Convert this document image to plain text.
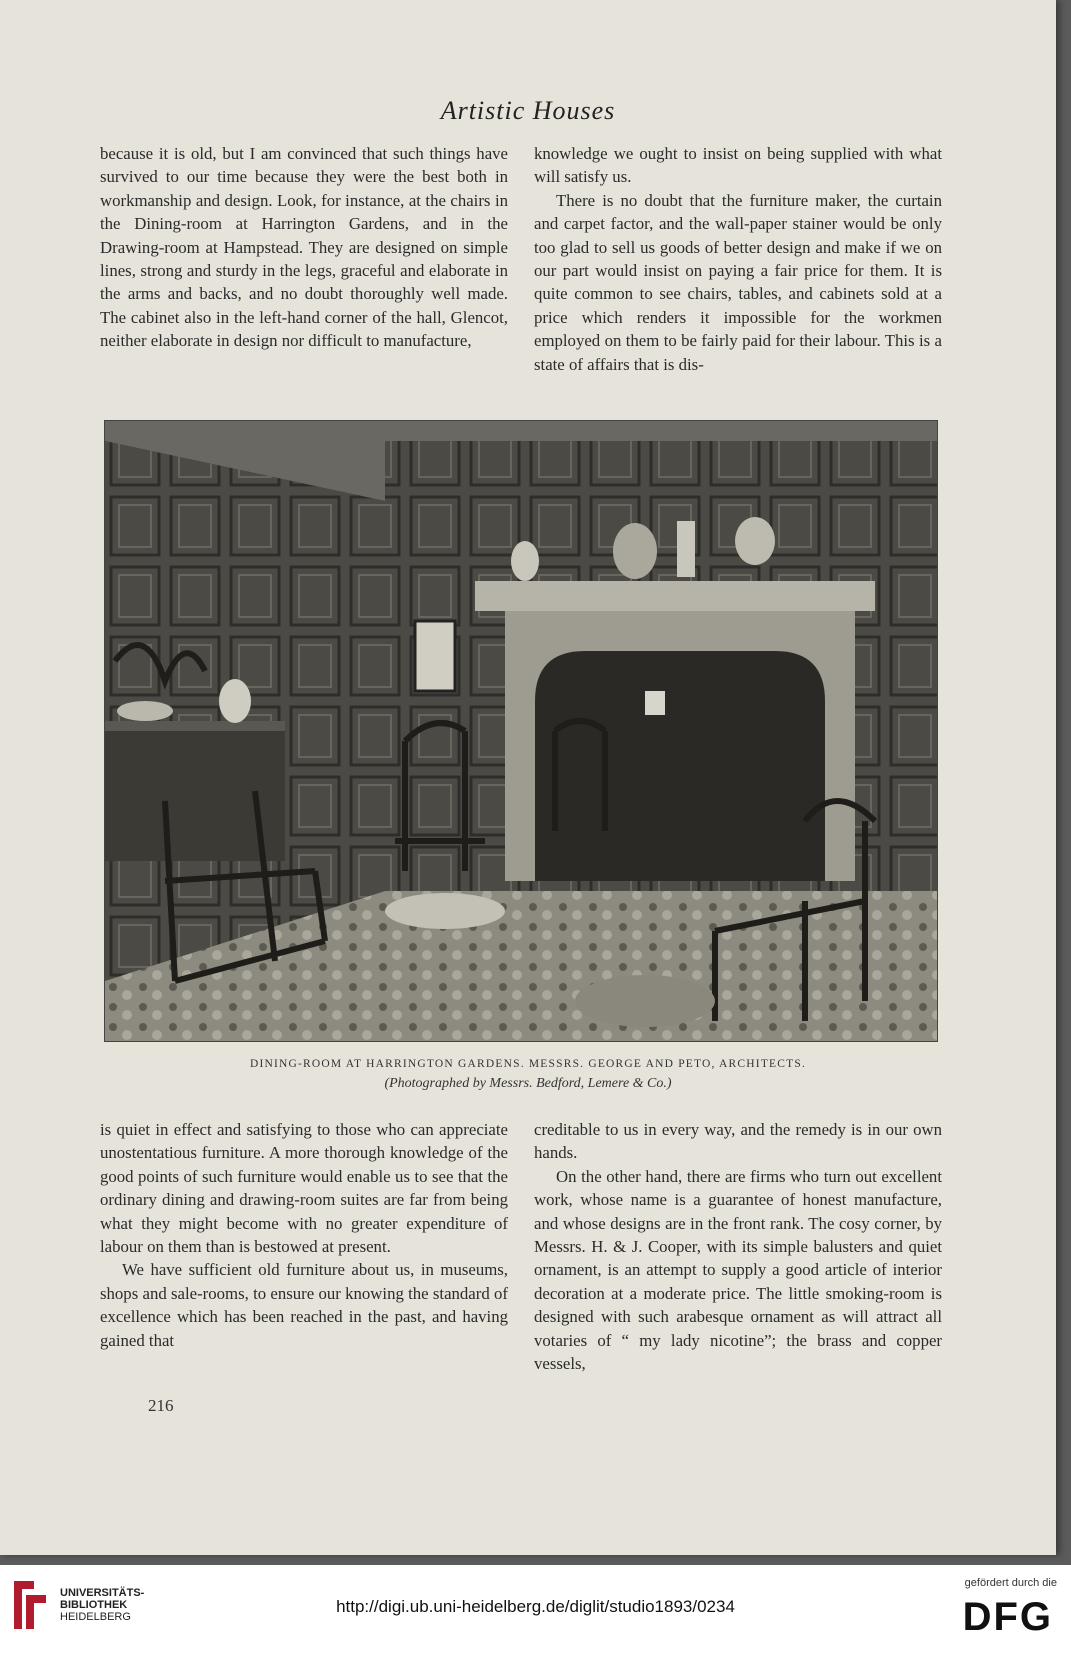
Artistic Houses

because it is old, but I am convinced that such things have survived to our time because they were the best both in workmanship and design. Look, for instance, at the chairs in the Dining-room at Harrington Gardens, and in the Drawing-room at Hampstead. They are designed on simple lines, strong and sturdy in the legs, graceful and elaborate in the arms and backs, and no doubt thoroughly well made. The cabinet also in the left-hand corner of the hall, Glencot, neither elaborate in design nor difficult to manufacture,

knowledge we ought to insist on being supplied with what will satisfy us.

There is no doubt that the furniture maker, the curtain and carpet factor, and the wall-paper stainer would be only too glad to sell us goods of better design and make if we on our part would insist on paying a fair price for them. It is quite common to see chairs, tables, and cabinets sold at a price which renders it impossible for the workmen employed on them to be fairly paid for their labour. This is a state of affairs that is dis-

DINING-ROOM AT HARRINGTON GARDENS. MESSRS. GEORGE AND PETO, ARCHITECTS.
(Photographed by Messrs. Bedford, Lemere & Co.)

is quiet in effect and satisfying to those who can appreciate unostentatious furniture. A more thorough knowledge of the good points of such furniture would enable us to see that the ordinary dining and drawing-room suites are far from being what they might become with no greater expenditure of labour on them than is bestowed at present.

We have sufficient old furniture about us, in museums, shops and sale-rooms, to ensure our knowing the standard of excellence which has been reached in the past, and having gained that

creditable to us in every way, and the remedy is in our own hands.

On the other hand, there are firms who turn out excellent work, whose name is a guarantee of honest manufacture, and whose designs are in the front rank. The cosy corner, by Messrs. H. & J. Cooper, with its simple balusters and quiet ornament, is an attempt to supply a good article of interior decoration at a moderate price. The little smoking-room is designed with such arabesque ornament as will attract all votaries of “ my lady nicotine”; the brass and copper vessels,

216
UNIVERSITÄTS-
BIBLIOTHEK
HEIDELBERG
http://digi.ub.uni-heidelberg.de/diglit/studio1893/0234
gefördert durch die
DFG
